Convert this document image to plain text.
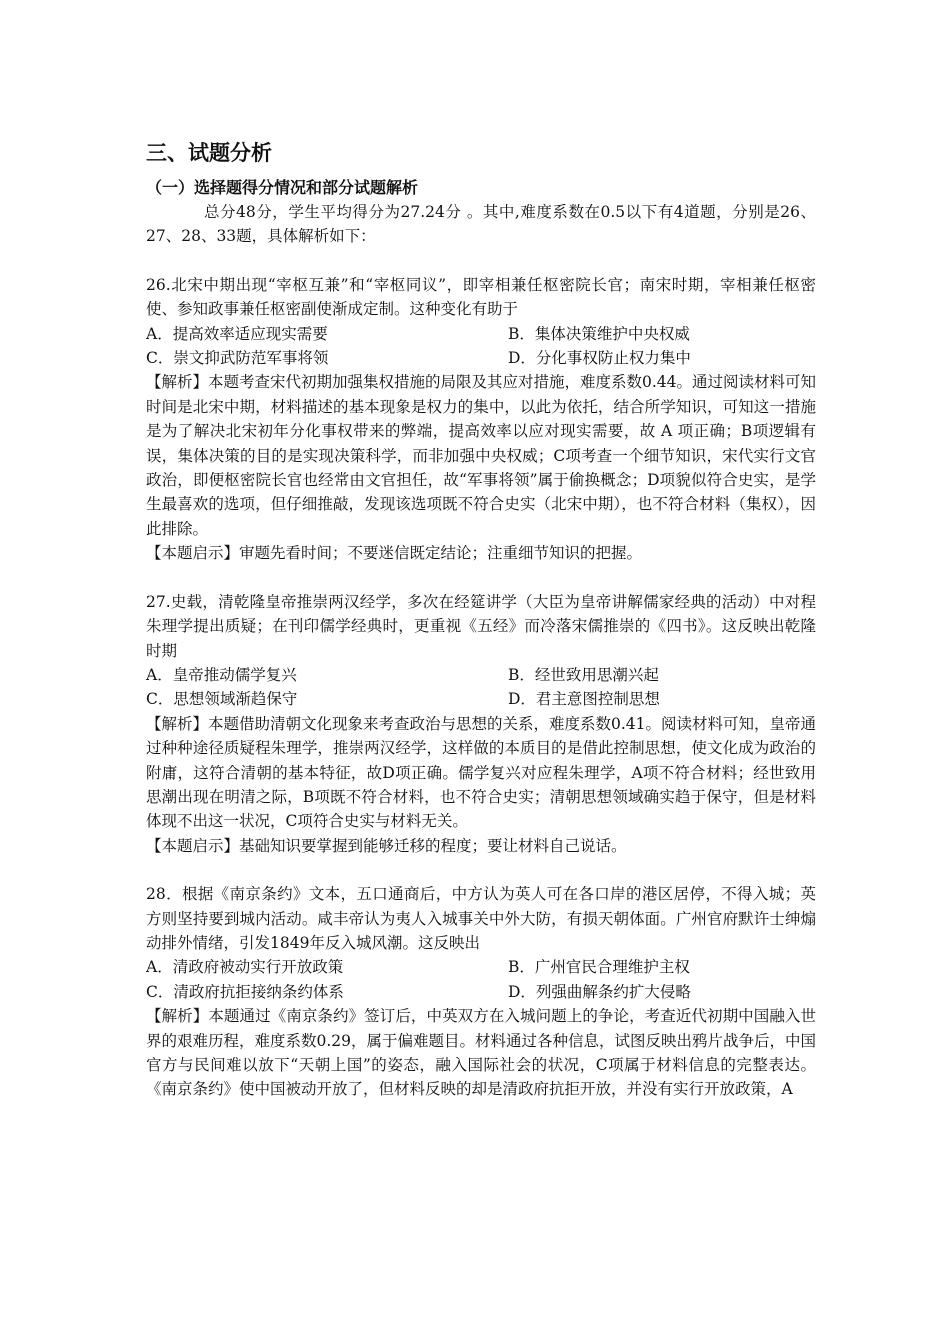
三、试题分析
（一）选择题得分情况和部分试题解析

总分48分，学生平均得分为27.24分 。其中,难度系数在0.5以下有4道题，分别是26、27、28、33题，具体解析如下：

26.北宋中期出现“宰枢互兼”和“宰枢同议”，即宰相兼任枢密院长官；南宋时期，宰相兼任枢密使、参知政事兼任枢密副使渐成定制。这种变化有助于

A．提高效率适应现实需要	B．集体决策维护中央权威
C．崇文抑武防范军事将领	D．分化事权防止权力集中

【解析】本题考查宋代初期加强集权措施的局限及其应对措施，难度系数0.44。通过阅读材料可知时间是北宋中期，材料描述的基本现象是权力的集中，以此为依托，结合所学知识，可知这一措施是为了解决北宋初年分化事权带来的弊端，提高效率以应对现实需要，故 A 项正确；B项逻辑有误，集体决策的目的是实现决策科学，而非加强中央权威；C项考查一个细节知识，宋代实行文官政治，即便枢密院长官也经常由文官担任，故“军事将领”属于偷换概念；D项貌似符合史实，是学生最喜欢的选项，但仔细推敲，发现该选项既不符合史实（北宋中期），也不符合材料（集权），因此排除。

【本题启示】审题先看时间；不要迷信既定结论；注重细节知识的把握。

27.史载，清乾隆皇帝推崇两汉经学，多次在经筵讲学（大臣为皇帝讲解儒家经典的活动）中对程朱理学提出质疑；在刊印儒学经典时，更重视《五经》而冷落宋儒推崇的《四书》。这反映出乾隆时期

A．皇帝推动儒学复兴	B．经世致用思潮兴起
C．思想领域渐趋保守	D．君主意图控制思想

【解析】本题借助清朝文化现象来考查政治与思想的关系，难度系数0.41。阅读材料可知，皇帝通过种种途径质疑程朱理学，推崇两汉经学，这样做的本质目的是借此控制思想，使文化成为政治的附庸，这符合清朝的基本特征，故D项正确。儒学复兴对应程朱理学，A项不符合材料；经世致用思潮出现在明清之际，B项既不符合材料，也不符合史实；清朝思想领域确实趋于保守，但是材料体现不出这一状况，C项符合史实与材料无关。

【本题启示】基础知识要掌握到能够迁移的程度；要让材料自己说话。

28．根据《南京条约》文本，五口通商后，中方认为英人可在各口岸的港区居停，不得入城；英方则坚持要到城内活动。咸丰帝认为夷人入城事关中外大防，有损天朝体面。广州官府默许士绅煽动排外情绪，引发1849年反入城风潮。这反映出

A．清政府被动实行开放政策	B．广州官民合理维护主权
C．清政府抗拒接纳条约体系	D．列强曲解条约扩大侵略

【解析】本题通过《南京条约》签订后，中英双方在入城问题上的争论，考查近代初期中国融入世界的艰难历程，难度系数0.29，属于偏难题目。材料通过各种信息，试图反映出鸦片战争后，中国官方与民间难以放下“天朝上国”的姿态，融入国际社会的状况，C项属于材料信息的完整表达。《南京条约》使中国被动开放了，但材料反映的却是清政府抗拒开放，并没有实行开放政策，A
